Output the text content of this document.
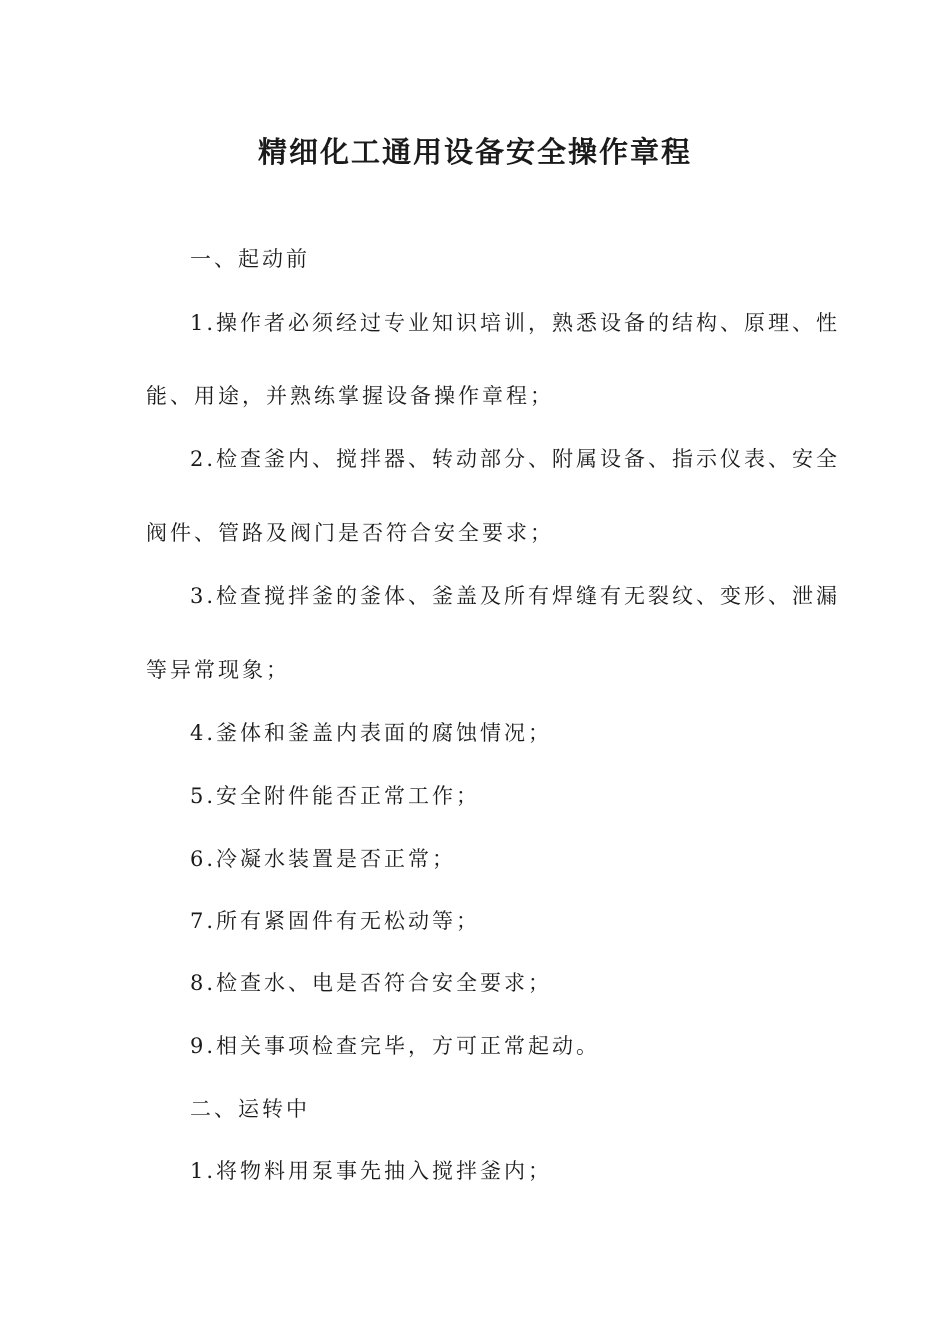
精细化工通用设备安全操作章程
一、起动前
1.操作者必须经过专业知识培训，熟悉设备的结构、原理、性
能、用途，并熟练掌握设备操作章程；
2.检查釜内、搅拌器、转动部分、附属设备、指示仪表、安全
阀件、管路及阀门是否符合安全要求；
3.检查搅拌釜的釜体、釜盖及所有焊缝有无裂纹、变形、泄漏
等异常现象；
4.釜体和釜盖内表面的腐蚀情况；
5.安全附件能否正常工作；
6.冷凝水装置是否正常；
7.所有紧固件有无松动等；
8.检查水、电是否符合安全要求；
9.相关事项检查完毕，方可正常起动。
二、运转中
1.将物料用泵事先抽入搅拌釜内；
